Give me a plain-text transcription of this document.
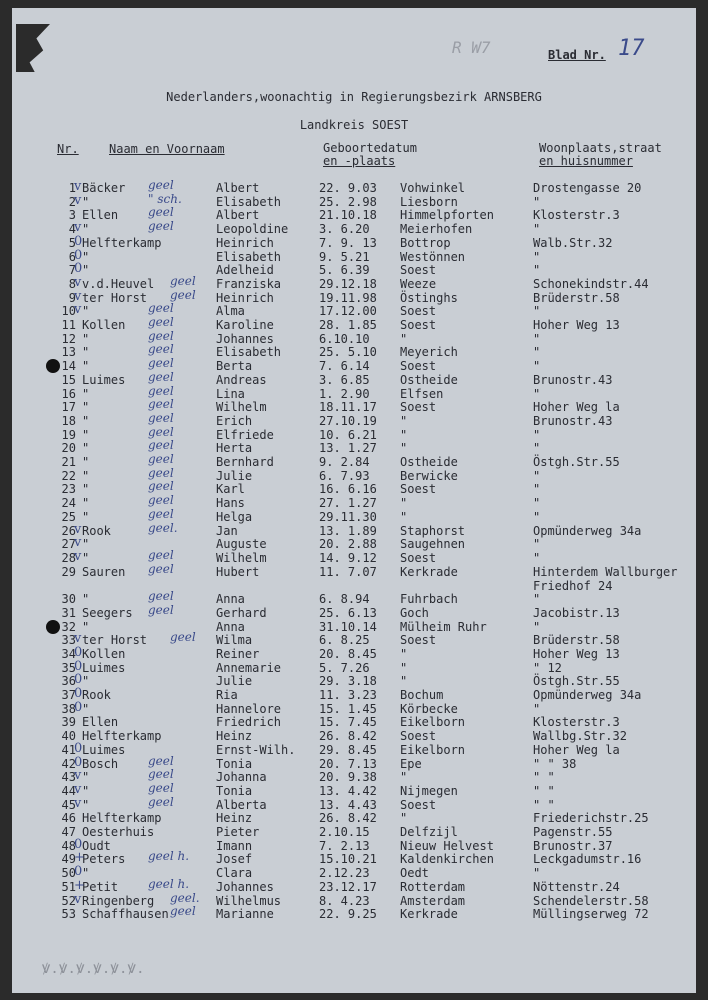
R W7	Blad Nr. 17
Nederlanders,woonachtig in Regierungsbezirk ARNSBERG
Landkreis SOEST
Nr.	Naam en Voornaam	Geboortedatum
en -plaats
Woonplaats,straat
en huisnummer
1 Bäcker	Albert	22. 9.03 Vohwinkel	Drostengasse 20
v	geel
2 "	Elisabeth	25. 2.98 Liesborn	"
v	" sch.
3 Ellen	Albert	21.10.18 Himmelpforten	Klosterstr.3
geel
4 "	Leopoldine	3. 6.20	Meierhofen	"
v	geel
5 Helfterkamp	Heinrich	7. 9. 13 Bottrop	Walb.Str.32
0
6 "	Elisabeth	9. 5.21	Westönnen	"
0
7 "	Adelheid	5. 6.39	Soest	"
0
8 v.d.Heuvel	Franziska	29.12.18 Weeze	Schonekindstr.44
v	geel
9 ter Horst	Heinrich	19.11.98 Östinghs	Brüderstr.58
v	geel
10 "	Alma	17.12.00 Soest	"
v	geel
11 Kollen	Karoline	28. 1.85 Soest	Hoher Weg 13
geel
12 "	Johannes	6.10.10	"	"
geel
13 "	Elisabeth	25. 5.10 Meyerich	"
geel
14 "	Berta	7. 6.14	Soest	"
geel
15 Luimes	Andreas	3. 6.85	Ostheide	Brunostr.43
geel
16 "	Lina	1. 2.90	Elfsen	"
geel
17 "	Wilhelm	18.11.17 Soest	Hoher Weg la
geel
18 "	Erich	27.10.19 "	Brunostr.43
geel
19 "	Elfriede	10. 6.21 "	"
geel
20 "	Herta	13. 1.27 "	"
geel
21 "	Bernhard	9. 2.84	Ostheide	Östgh.Str.55
geel
22 "	Julie	6. 7.93	Berwicke	"
geel
23 "	Karl	16. 6.16 Soest	"
geel
24 "	Hans	27. 1.27 "	"
geel
25 "	Helga	29.11.30 "	"
geel
26 Rook	Jan	13. 1.89 Staphorst	Opmünderweg 34a
v	geel.
27 "	Auguste	20. 2.88 Saugehnen	"
v
28 "	Wilhelm	14. 9.12 Soest	"
v	geel
29 Sauren	Hubert	11. 7.07 Kerkrade	Hinterdem Wallburger Friedhof 24
geel
30 "	Anna	6. 8.94	Fuhrbach	"
geel
31 Seegers	Gerhard	25. 6.13 Goch	Jacobistr.13
geel
32 "	Anna	31.10.14 Mülheim Ruhr	"
33 ter Horst	Wilma	6. 8.25	Soest	Brüderstr.58
v	geel
34 Kollen	Reiner	20. 8.45 "	Hoher Weg 13
0
35 Luimes	Annemarie	5. 7.26	"	" 12
0
36 "	Julie	29. 3.18 "	Östgh.Str.55
0
37 Rook	Ria	11. 3.23 Bochum	Opmünderweg 34a
0
38 "	Hannelore	15. 1.45 Körbecke	"
0
39 Ellen	Friedrich	15. 7.45 Eikelborn	Klosterstr.3
40 Helfterkamp	Heinz	26. 8.42 Soest	Wallbg.Str.32
41 Luimes	Ernst-Wilh. 29. 8.45 Eikelborn	Hoher Weg la
0
42 Bosch	Tonia	20. 7.13 Epe	" " 38
0	geel
43 "	Johanna	20. 9.38 "	" "
v	geel
44 "	Tonia	13. 4.42 Nijmegen	" "
v	geel
45 "	Alberta	13. 4.43 Soest	" "
v	geel
46 Helfterkamp	Heinz	26. 8.42 "	Friederichstr.25
47 Oesterhuis	Pieter	2.10.15	Delfzijl	Pagenstr.55
48 Oudt	Imann	7. 2.13	Nieuw Helvest	Brunostr.37
0
49 Peters	Josef	15.10.21 Kaldenkirchen	Leckgadumstr.16
+	geel h.
50 "	Clara	2.12.23	Oedt	"
0
51 Petit	Johannes	23.12.17 Rotterdam	Nöttenstr.24
+	geel h.
52 Ringenberg	Wilhelmus	8. 4.23	Amsterdam	Schendelerstr.58
v	geel.
53 Schaffhausen	Marianne	22. 9.25 Kerkrade	Müllingserweg 72
geel
ꝟ.ꝟ.ꝟ.ꝟ.ꝟ.ꝟ.
